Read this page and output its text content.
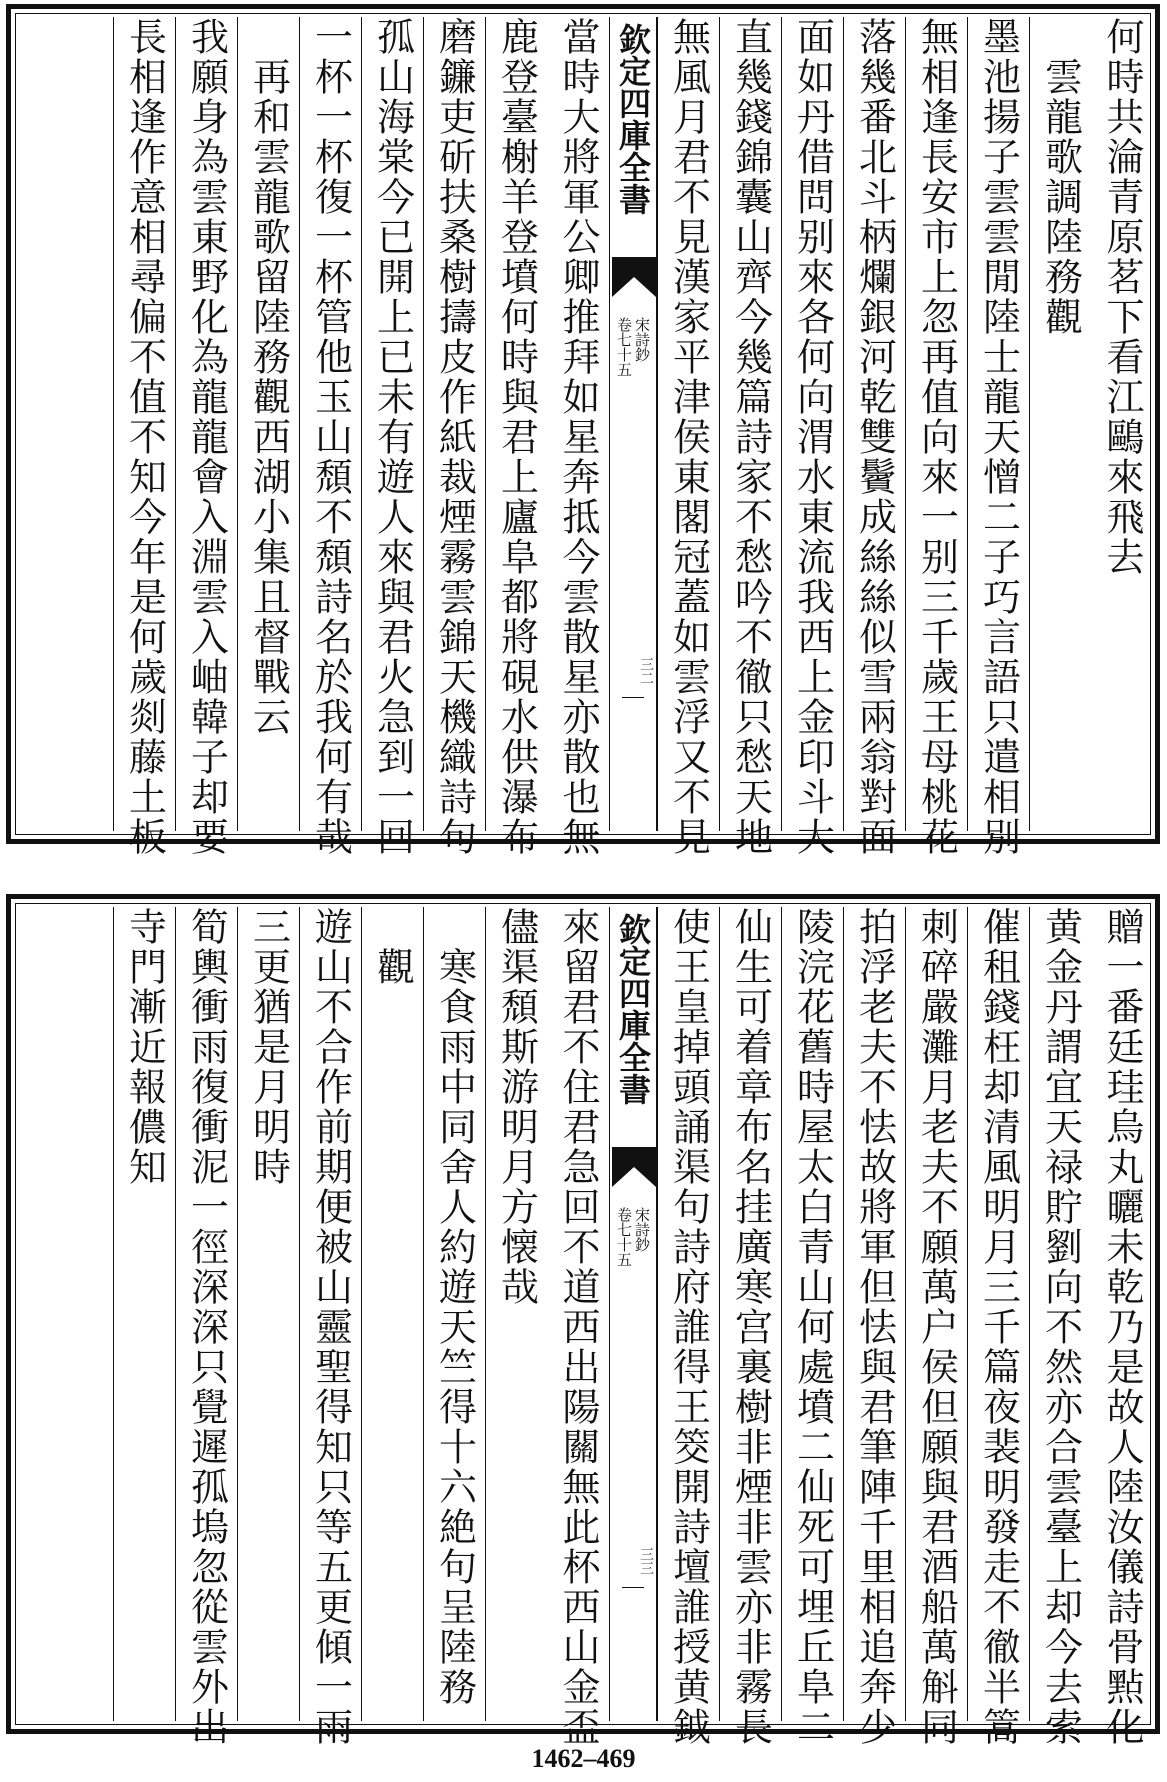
何時共淪青原茗下看江鷗來飛去
　雲龍歌調陸務觀
墨池揚子雲雲閒陸士龍天憎二子巧言語只遣相別
無相逢長安市上忽再值向來一别三千歲王母桃花
落幾番北斗柄爛銀河乾雙鬢成絲絲似雪兩翁對面
面如丹借問别來各何向渭水東流我西上金印斗大
直幾錢錦囊山齊今幾篇詩家不愁吟不徹只愁天地
無風月君不見漢家平津侯東閣冠蓋如雲浮又不見
欽定四庫全書
宋詩鈔
卷七十五
三二
當時大將軍公卿推拜如星奔抵今雲散星亦散也無
鹿登臺榭羊登墳何時與君上廬阜都將硯水供瀑布
磨鐮吏斫扶桑樹擣皮作紙裁煙霧雲錦天機織詩句
孤山海棠今已開上已未有遊人來與君火急到一回
一杯一杯復一杯管他玉山頹不頹詩名於我何有哉
　再和雲龍歌留陸務觀西湖小集且督戰云
我願身為雲東野化為龍龍會入淵雲入岫韓子却要
長相逢作意相尋偏不值不知今年是何歲剡藤土板
贈一番廷珪烏丸曬未乾乃是故人陸汝儀詩骨㸃化
黄金丹謂宜天禄貯劉向不然亦合雲臺上却今去索
催租錢枉却清風明月三千篇夜裴明發走不徹半篙
刺碎嚴灘月老夫不願萬户侯但願與君酒船萬斛同
拍浮老夫不怯故將軍但怯與君筆陣千里相追奔少
陵浣花舊時屋太白青山何處墳二仙死可埋丘阜二
仙生可着章布名挂廣寒宫裏樹非煙非雲亦非霧長
使王皇掉頭誦渠句詩府誰得王筊開詩壇誰授黄鉞
欽定四庫全書
宋詩鈔
卷七十五
三三
來留君不住君急回不道西出陽關無此杯西山金盃
儘渠頹斯游明月方懐哉
　寒食雨中同舍人約遊天竺得十六絶句呈陸務
　觀
遊山不合作前期便被山靈聖得知只等五更傾一雨
三更猶是月明時
筍輿衝雨復衝泥一徑深深只覺遲孤塢忽從雲外出
寺門漸近報儂知
1462–469
